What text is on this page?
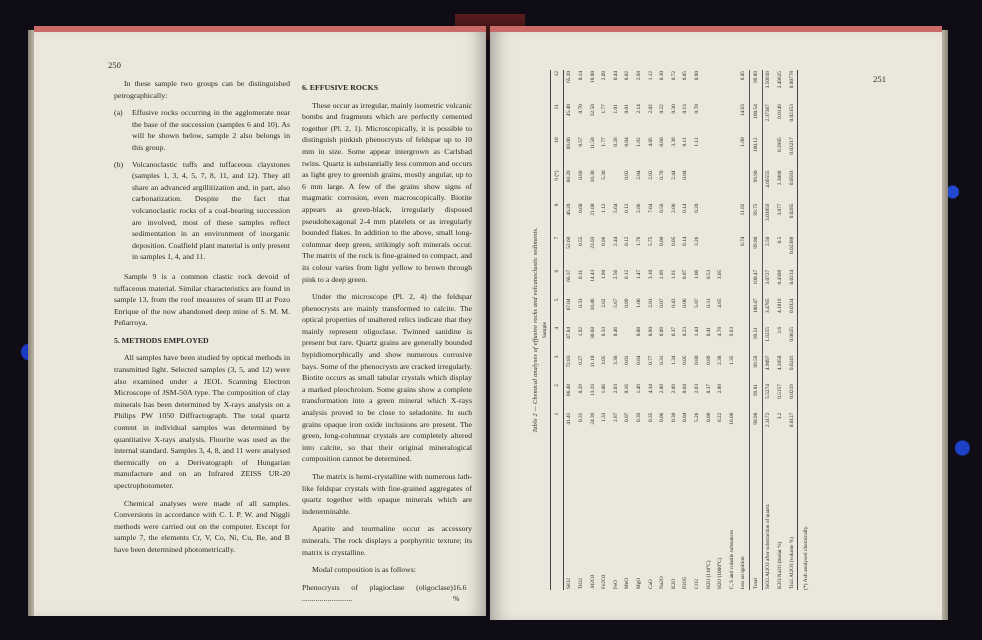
250

In these sample two groups can be distinguished petrographically:

(a)	Effusive rocks occurring in the agglomerate near the base of the succession (samples 6 and 10). As will be shown below, sample 2 also belongs in this group.
(b)	Volcanoclastic tuffs and tuffaceous claystones (samples 1, 3, 4, 5, 7, 8, 11, and 12). They all share an advanced argillitization and, in part, also carbonatization. Despite the fact that volcanoclastic rocks of a coal-bearing succession are involved, most of these samples reflect sedimentation in an environment of inorganic deposition. Coalfield plant material is only present in samples 1, 4, and 11.

Sample 9 is a common clastic rock devoid of tuffaceous material. Similar characteristics are found in sample 13, from the roof measures of seam III at Pozo Enrique of the now abandoned deep mine of S. M. M. Peñarroya.

5. METHODS EMPLOYED

All samples have been studied by optical methods in transmitted light. Selected samples (3, 5, and 12) were also examined under a JEOL Scanning Electron Microscope of JSM-50A type. The composition of clay minerals has been determined by X-rays analysis on a Philips PW 1050 Diffractograph. The total quartz content in individual samples was determined by quantitative X-rays analysis. Fluorite was used as the internal standard. Samples 3, 4, 8, and 11 were analysed thermically on a Derivatograph of Hungarian manufacture and on an Infrared ZEISS UR-20 spectrophotometer.

Chemical analyses were made of all samples. Conversions in accordance with C. I. P. W. and Niggli methods were carried out on the computer. Except for sample 7, the elements Cr, V, Co, Ni, Cu, Be, and B have been determined photometrically.

6. EFFUSIVE ROCKS

These occur as irregular, mainly isometric volcanic bombs and fragments which are perfectly cemented together (Pl. 2, 1). Microscopically, it is possible to distinguish pinkish phenocrysts of feldspar up to 10 mm in size. Some appear intergrown as Carlsbad twins. Quartz is substantially less common and occurs as light grey to greenish grains, mostly angular, up to 6 mm large. A few of the grains show signs of magmatic corrosion, even macroscopically. Biotite appears as green-black, irregularly disposed pseudohexagonal 2-4 mm platelets or as irregularly bounded flakes. In addition to the above, small long-columnar deep green, strikingly soft minerals occur. The matrix of the rock is fine-grained to compact, and its colour varies from light yellow to brown through pink to a deep green.

Under the microscope (Pl. 2, 4) the feldspar phenocrysts are mainly transformed to calcite. The optical properties of unaltered relics indicate that they mainly represent oligoclase. Twinned sanidine is present but rare. Quartz grains are generally bounded hypidiomorphically and show numerous corrosive bays. Some of the phenocrysts are cracked irregularly. Biotite occurs as small tabular crystals which display a marked pleochroism. Some grains show a complete transformation into a green mineral which X-rays analysis proved to be close to seladonite. In such grains opaque iron oxide inclusions are present. The green, long-columnar crystals are completely altered into calcite, so that their original mineralogical composition cannot be determined.

The matrix is hemi-crystalline with numerous lath-like feldspar crystals with fine-grained aggregates of quartz together with opaque minerals which are indeterminable.

Apatite and tourmaline occur as accessory minerals. The rock displays a porphyritic texture; its matrix is crystalline.

Modal composition is as follows:

Phenocrysts of plagioclase (oligoclase) ..........................
16.6 %
251
Table 2 — Chemical analyses of effusive rocks and volcanoclastic sediments. Sample
	1	2	3	4	5	6	7	8	9 (*)	10	11	12
SiO2	41.41	66.48	72.83	47.84	67.04	66.37	52.60	46.20	68.20	69.00	45.40	65.20
TiO2	0.31	0.29	0.27	1.92	0.33	0.31	0.55	0.60	0.60	0.57	0.70	0.14
Al2O3	24.39	13.19	11.10	30.68	10.46	14.43	23.03	21.00	10.30	11.50	32.50	18.00
Fe2O3	1.33	1.06	3.05	0.33	2.62	1.90	0.96	1.12	5.30	1.77	1.77	2.09
FeO	2.87	2.03	3.36	0.46	5.67	2.56	2.44	5.64		0.28	1.01	0.44
MnO	0.07	0.16	0.01		0.09	0.12	0.12	0.12	0.02	0.04	0.01	0.02
MgO	0.39	1.49	0.84	0.08	1.06	1.47	1.76	2.86	2.04	1.82	2.14	2.98
CaO	0.35	4.34	0.77	0.90	2.01	3.10	5.75	7.64	2.02	4.05	2.02	1.12
Na2O	0.06	2.88	0.31	0.09	0.07	2.89	0.00	0.56	0.70	0.60	0.22	0.30
K2O	0.30	2.09	1.34	0.37	0.43	1.91	0.05	2.00	2.44	3.38	0.30	0.72
P2O5	0.04	0.04	0.05	0.23	0.06	0.07	0.14	0.14	0.04	0.11	0.13	0.05
CO2	5.26	2.03	0.80	1.44	5.07	1.06	3.26	0.20		1.12	0.70	0.90
H2O (110°C)	0.08	0.37	0.89	0.41	0.31	0.53						
H2O (1000°C)	6.22	2.88	2.38	4.78	4.65	3.05						
C, S and volatile substances	16.08		1.35	9.93								
loss on ignition							8.74	11.82		1.80	14.63	8.05
Total	98.90	99.81	99.59	99.51	100.47	100.47	99.80	99.75	99.90	100.12	100.54	99.89
SiO2.Al2O3 after substraction of quartz	2.1172	5.5274	4.9097	1.9255	3.4765	3.0727	2.50	3.03859	4.09555		2.37367	3.50939
K2O:Na2O (molar %)	3.2	0.5157	4.2058	2.6	4.1819	0.4398	0.5	3.077	2.3008	0.3905	0.8149	2.49625
Tio2.Al2O3 (volume %)	0.0127	0.0219	0.0241	0.0625	0.0324	0.0214	0.02388	0.0285	0.0583	0.03217	0.02153	0.00778
(*) Ash analysed chemically.
